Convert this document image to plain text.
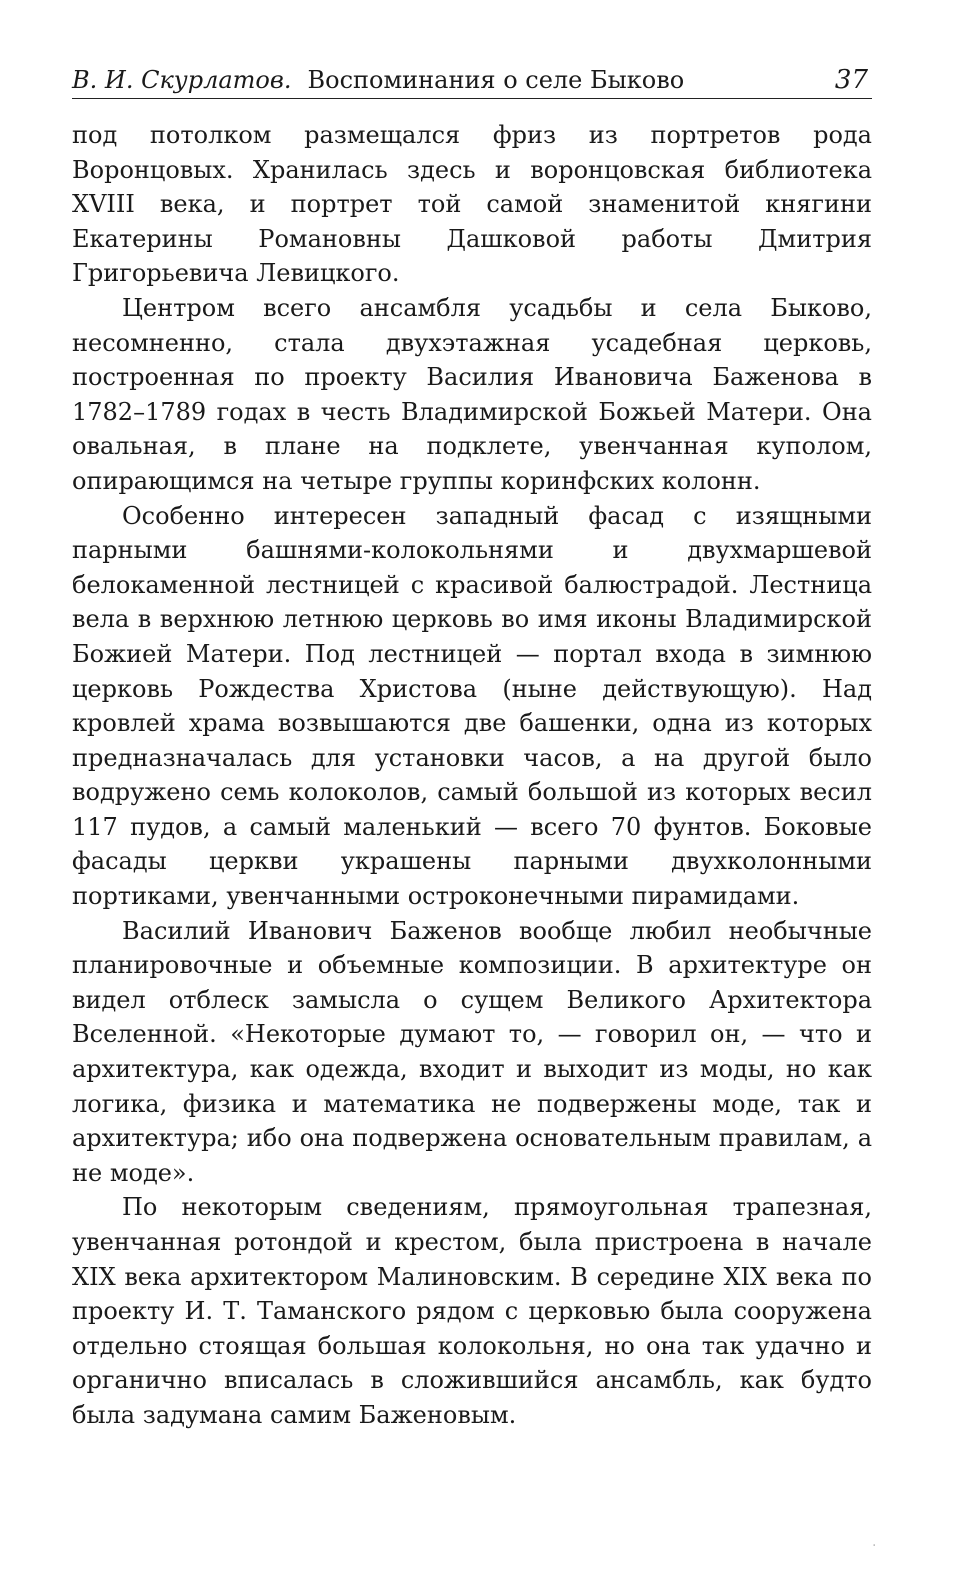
В. И. Скурлатов. Воспоминания о селе Быково	37

под потолком размещался фриз из портретов рода Воронцовых. Хранилась здесь и воронцовская библиотека XVIII века, и портрет той самой знаменитой княгини Екатерины Романовны Дашковой работы Дмитрия Григорьевича Левицкого.

Центром всего ансамбля усадьбы и села Быково, несомненно, стала двухэтажная усадебная церковь, построенная по проекту Василия Ивановича Баженова в 1782–1789 годах в честь Владимирской Божьей Матери. Она овальная, в плане на подклете, увенчанная куполом, опирающимся на четыре группы коринфских колонн.

Особенно интересен западный фасад с изящными парными башнями-колокольнями и двухмаршевой белокаменной лестницей с красивой балюстрадой. Лестница вела в верхнюю летнюю церковь во имя иконы Владимирской Божией Матери. Под лестницей — портал входа в зимнюю церковь Рождества Христова (ныне действующую). Над кровлей храма возвышаются две башенки, одна из которых предназначалась для установки часов, а на другой было водружено семь колоколов, самый большой из которых весил 117 пудов, а самый маленький — всего 70 фунтов. Боковые фасады церкви украшены парными двухколонными портиками, увенчанными остроконечными пирамидами.

Василий Иванович Баженов вообще любил необычные планировочные и объемные композиции. В архитектуре он видел отблеск замысла о сущем Великого Архитектора Вселенной. «Некоторые думают то, — говорил он, — что и архитектура, как одежда, входит и выходит из моды, но как логика, физика и математика не подвержены моде, так и архитектура; ибо она подвержена основательным правилам, а не моде».

По некоторым сведениям, прямоугольная трапезная, увенчанная ротондой и крестом, была пристроена в начале XIX века архитектором Малиновским. В середине XIX века по проекту И. Т. Таманского рядом с церковью была сооружена отдельно стоящая большая колокольня, но она так удачно и органично вписалась в сложившийся ансамбль, как будто была задумана самим Баженовым.

·
